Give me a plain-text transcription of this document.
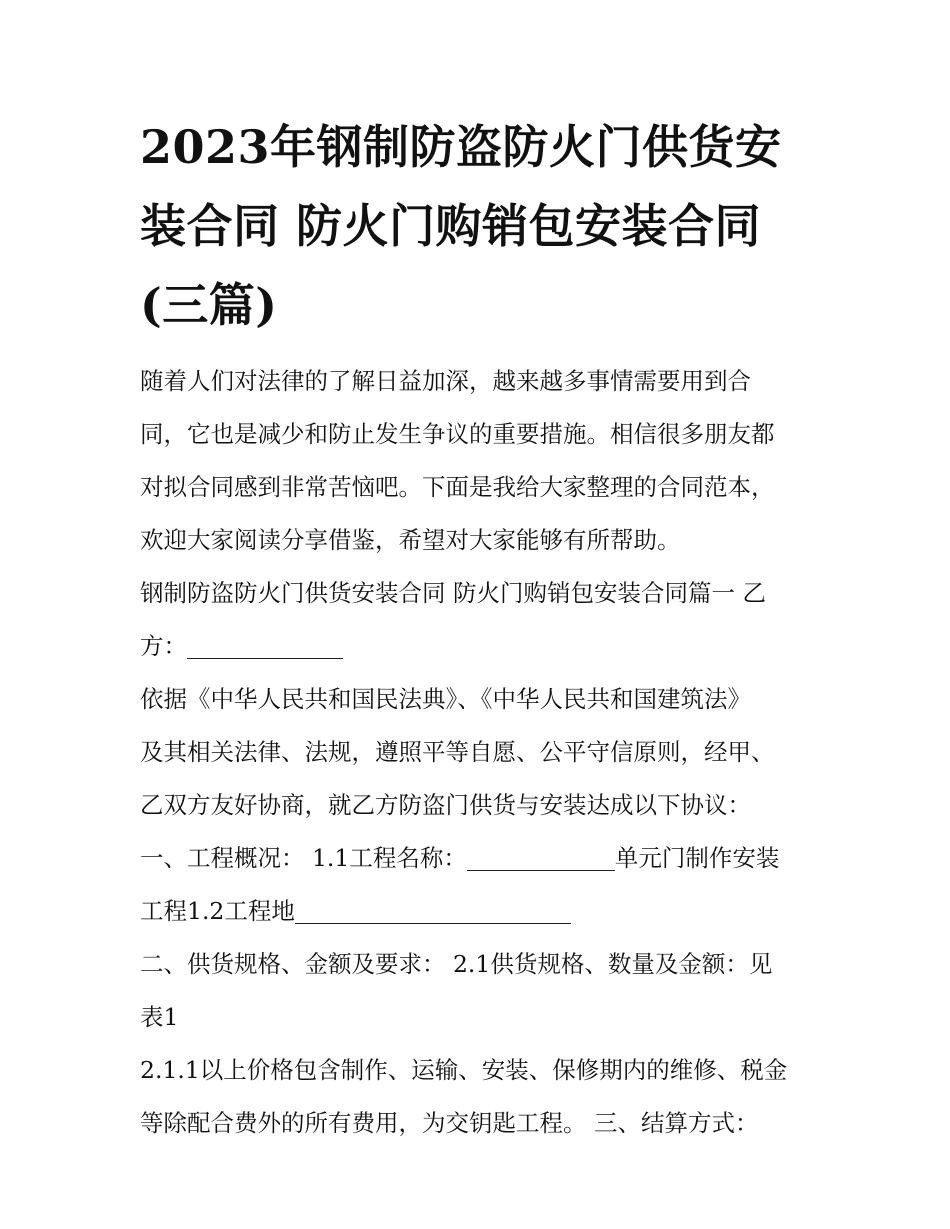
2023年钢制防盗防火门供货安
装合同 防火门购销包安装合同
(三篇)

随着人们对法律的了解日益加深，越来越多事情需要用到合
同，它也是减少和防止发生争议的重要措施。相信很多朋友都
对拟合同感到非常苦恼吧。下面是我给大家整理的合同范本，
欢迎大家阅读分享借鉴，希望对大家能够有所帮助。

钢制防盗防火门供货安装合同 防火门购销包安装合同篇一 乙
方：

依据《中华人民共和国民法典》、《中华人民共和国建筑法》
及其相关法律、法规，遵照平等自愿、公平守信原则，经甲、
乙双方友好协商，就乙方防盗门供货与安装达成以下协议：

一、工程概况： 1.1工程名称：	单元门制作安装
工程1.2工程地

二、供货规格、金额及要求： 2.1供货规格、数量及金额：见
表1

2.1.1以上价格包含制作、运输、安装、保修期内的维修、税金
等除配合费外的所有费用，为交钥匙工程。 三、结算方式：
